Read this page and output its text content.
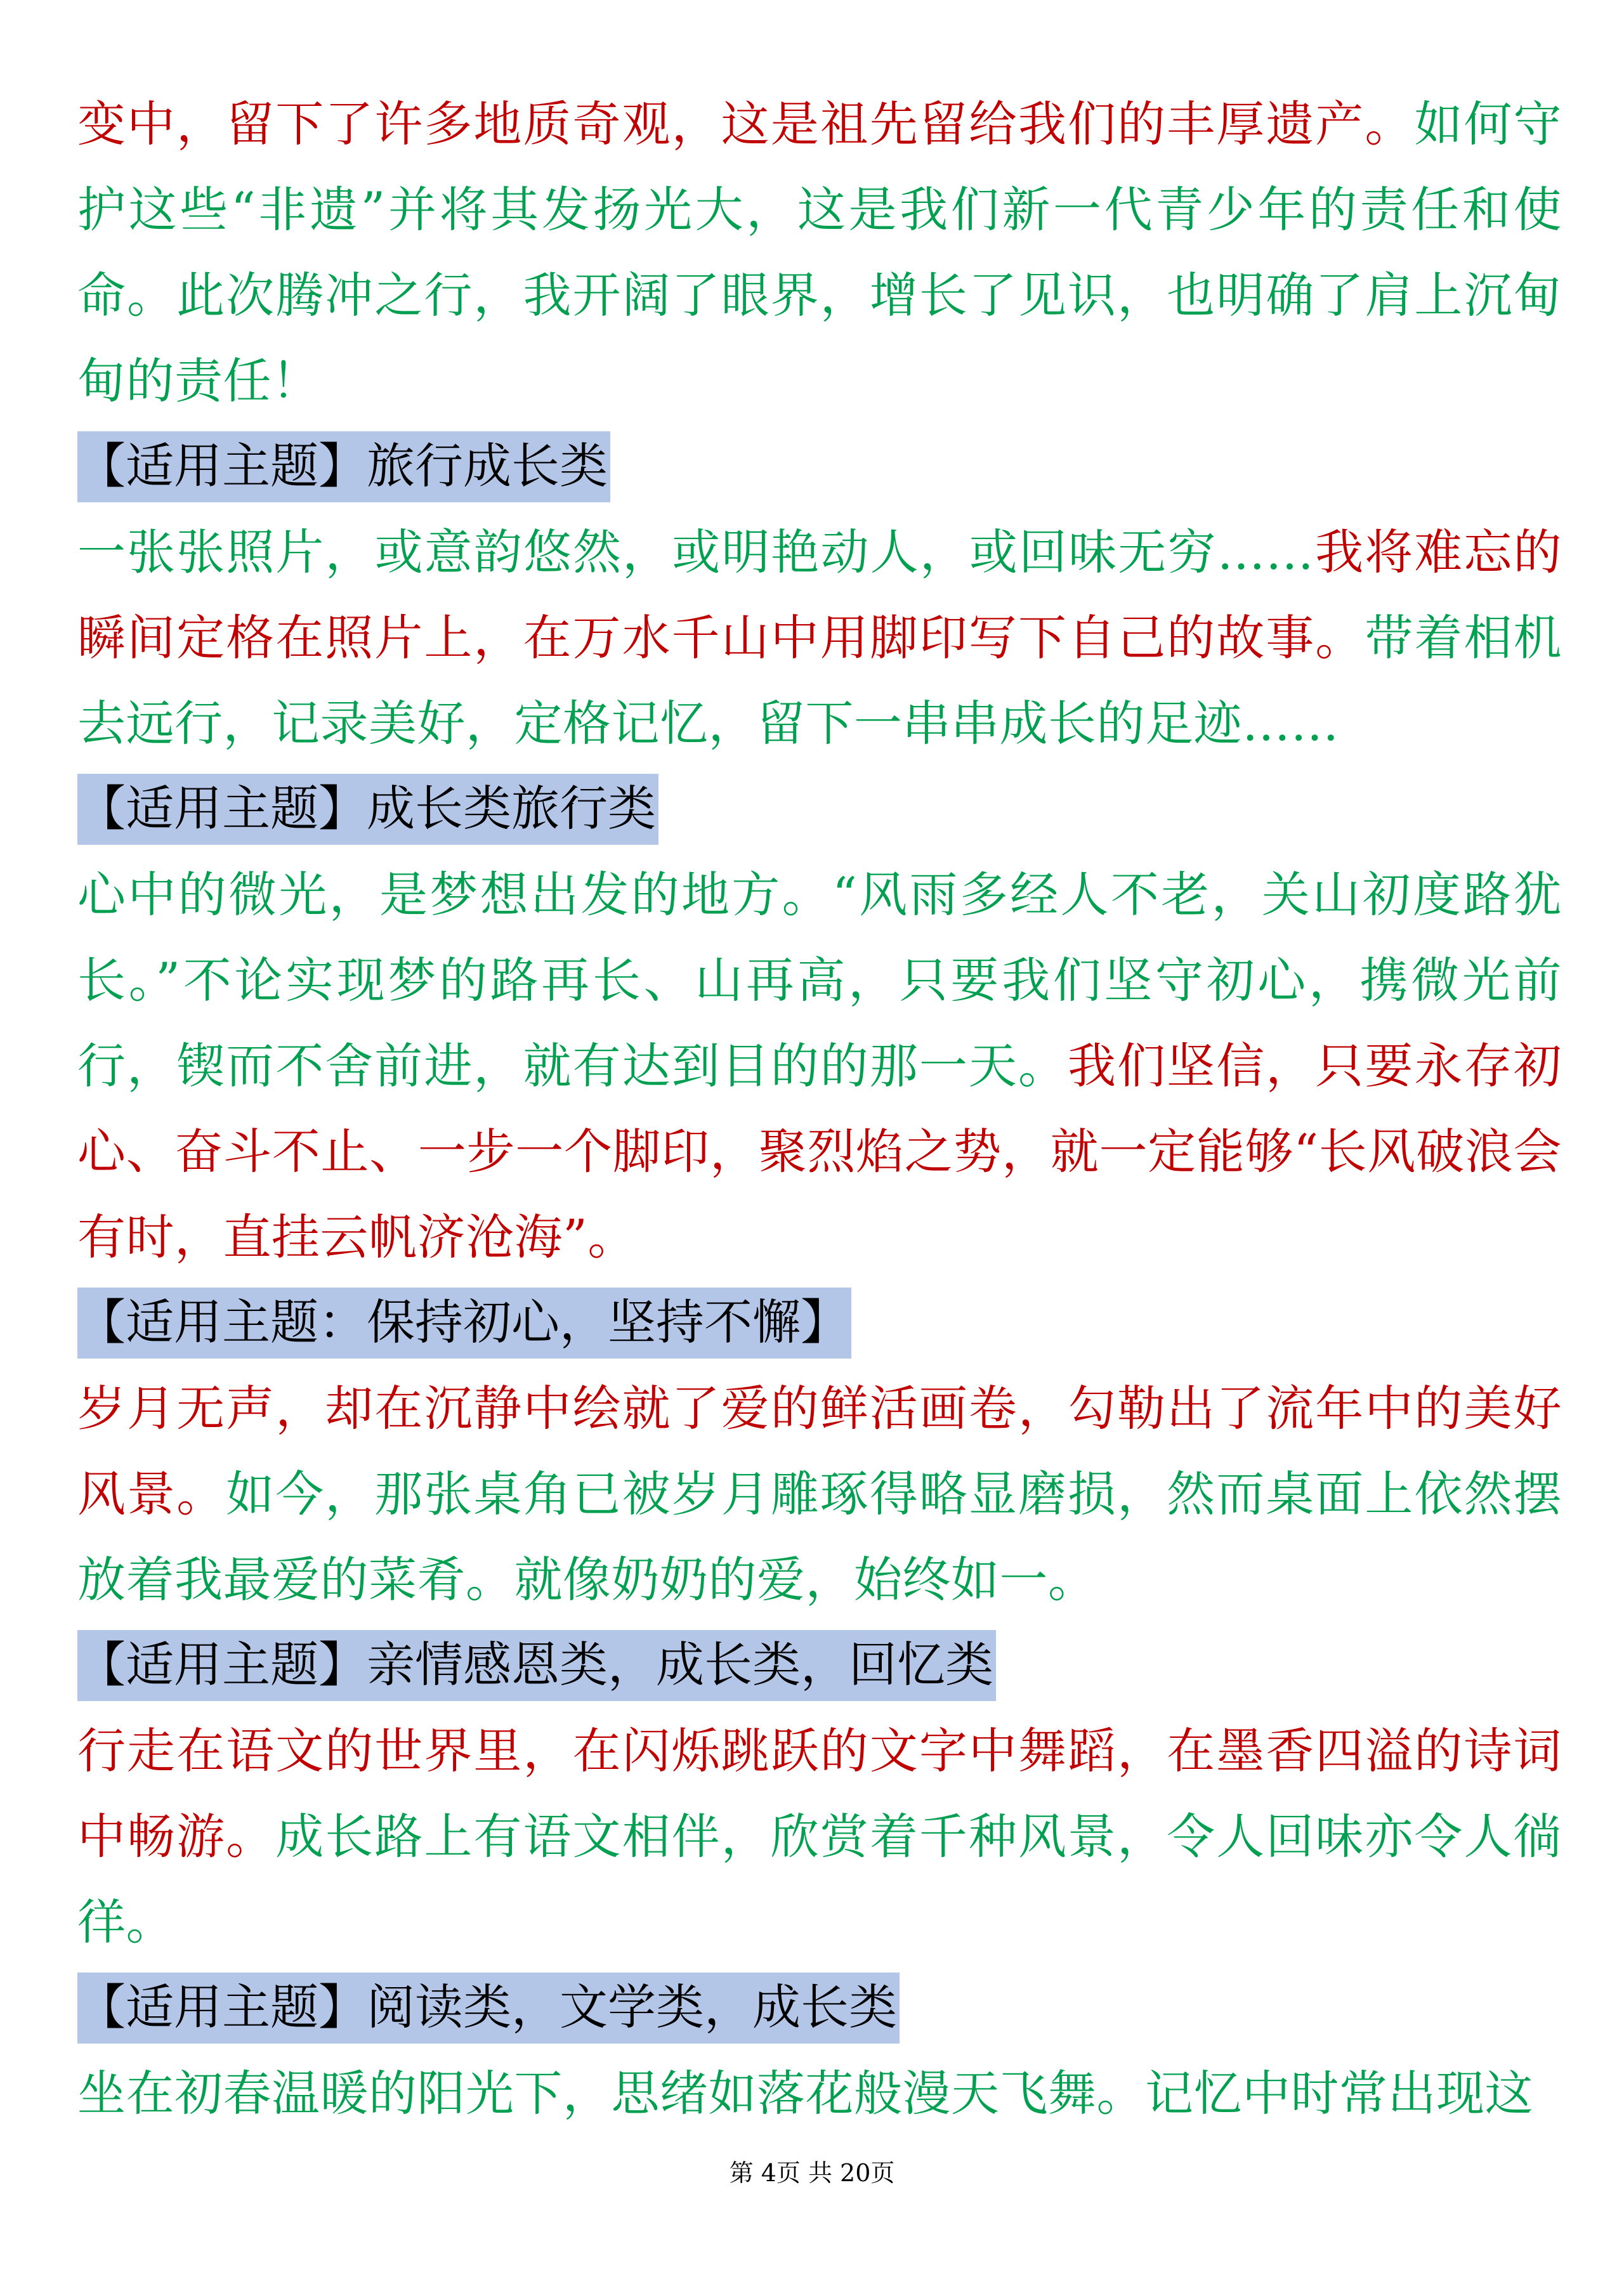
变中，留下了许多地质奇观，这是祖先留给我们的丰厚遗产。如何守护这些“非遗”并将其发扬光大，这是我们新一代青少年的责任和使命。此次腾冲之行，我开阔了眼界，增长了见识，也明确了肩上沉甸甸的责任！

【适用主题】旅行成长类

一张张照片，或意韵悠然，或明艳动人，或回味无穷……我将难忘的瞬间定格在照片上，在万水千山中用脚印写下自己的故事。带着相机去远行，记录美好，定格记忆，留下一串串成长的足迹……

【适用主题】成长类旅行类

心中的微光，是梦想出发的地方。“风雨多经人不老，关山初度路犹长。”不论实现梦的路再长、山再高，只要我们坚守初心，携微光前行，锲而不舍前进，就有达到目的的那一天。我们坚信，只要永存初心、奋斗不止、一步一个脚印，聚烈焰之势，就一定能够“长风破浪会有时，直挂云帆济沧海”。

【适用主题：保持初心，坚持不懈】

岁月无声，却在沉静中绘就了爱的鲜活画卷，勾勒出了流年中的美好风景。如今，那张桌角已被岁月雕琢得略显磨损，然而桌面上依然摆放着我最爱的菜肴。就像奶奶的爱，始终如一。

【适用主题】亲情感恩类，成长类，回忆类

行走在语文的世界里，在闪烁跳跃的文字中舞蹈，在墨香四溢的诗词中畅游。成长路上有语文相伴，欣赏着千种风景，令人回味亦令人徜徉。

【适用主题】阅读类，文学类，成长类

坐在初春温暖的阳光下，思绪如落花般漫天飞舞。记忆中时常出现这

第 4页 共 20页
